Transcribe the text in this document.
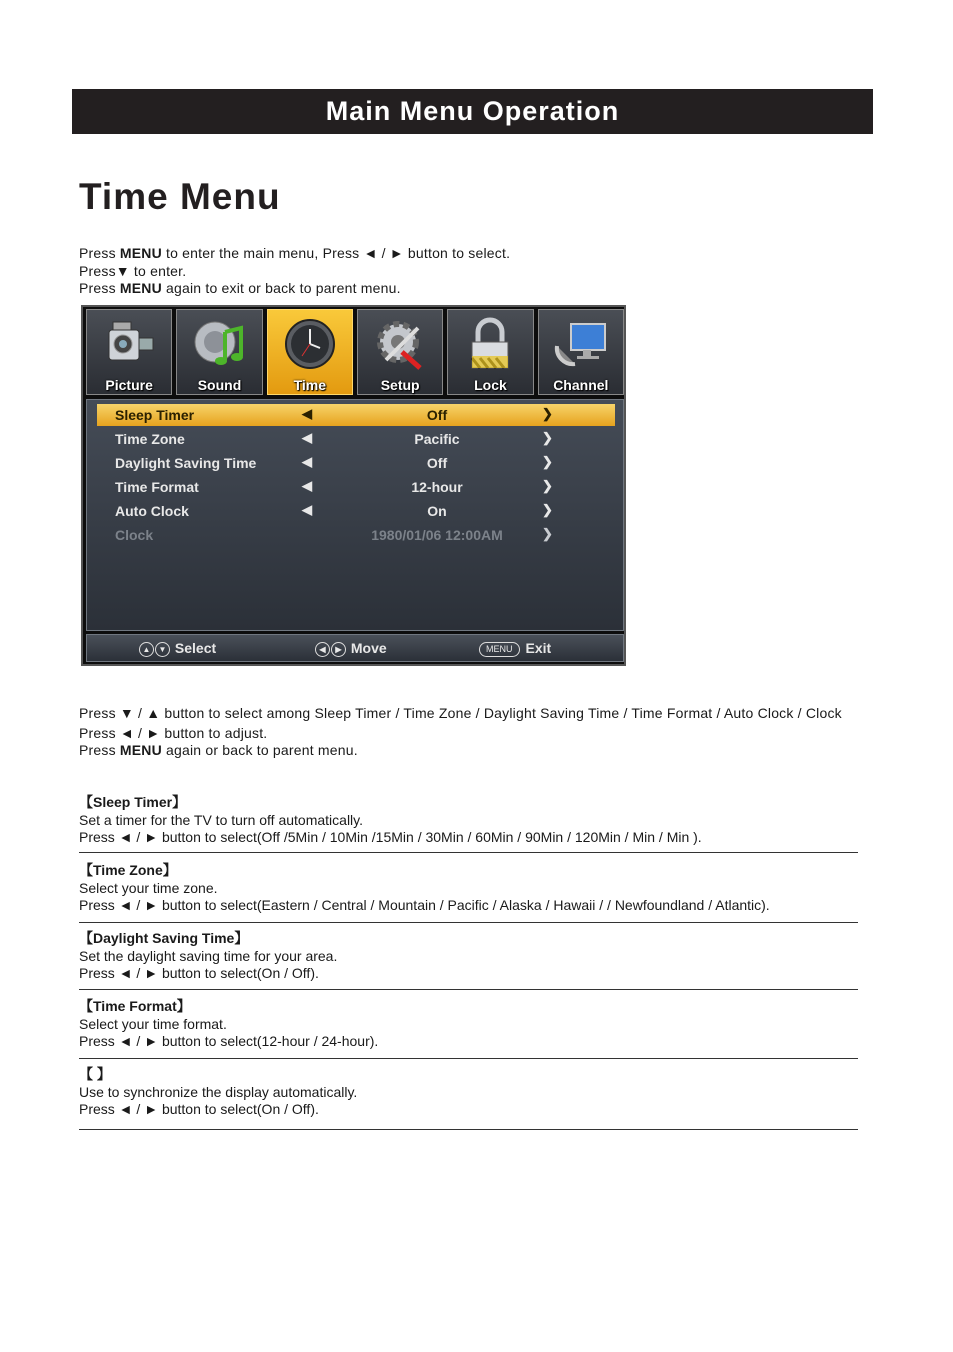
Main Menu Operation
Time Menu
Press MENU to enter the main menu, Press ◄ / ► button to select.
Press▼ to enter.
Press MENU again to exit or back to parent menu.
Picture	Sound	Time	Setup	Lock	Channel
Sleep Timer	◀	Off	❯
Time Zone	◀	Pacific	❯
Daylight Saving Time	◀	Off	❯
Time Format	◀	12-hour	❯
Auto Clock	◀	On	❯
Clock	1980/01/06 12:00AM	❯
▲ ▼ Select	◀ ▶ Move	MENU Exit
Press ▼ / ▲ button to select among Sleep Timer / Time Zone / Daylight Saving Time / Time Format / Auto Clock / Clock
Press ◄ / ► button to adjust.
Press MENU again or back to parent menu.
【Sleep Timer】
Set a timer for the TV to turn off automatically.
Press ◄ / ► button to select(Off /5Min / 10Min /15Min / 30Min / 60Min / 90Min / 120Min / Min / Min ).
【Time Zone】
Select your time zone.
Press ◄ / ► button to select(Eastern / Central / Mountain / Pacific / Alaska / Hawaii / / Newfoundland / Atlantic).
【Daylight Saving Time】
Set the daylight saving time for your area.
Press ◄ / ► button to select(On / Off).
【Time Format】
Select your time format.
Press ◄ / ► button to select(12-hour / 24-hour).
【 】
Use to synchronize the display automatically.
Press ◄ / ► button to select(On / Off).
